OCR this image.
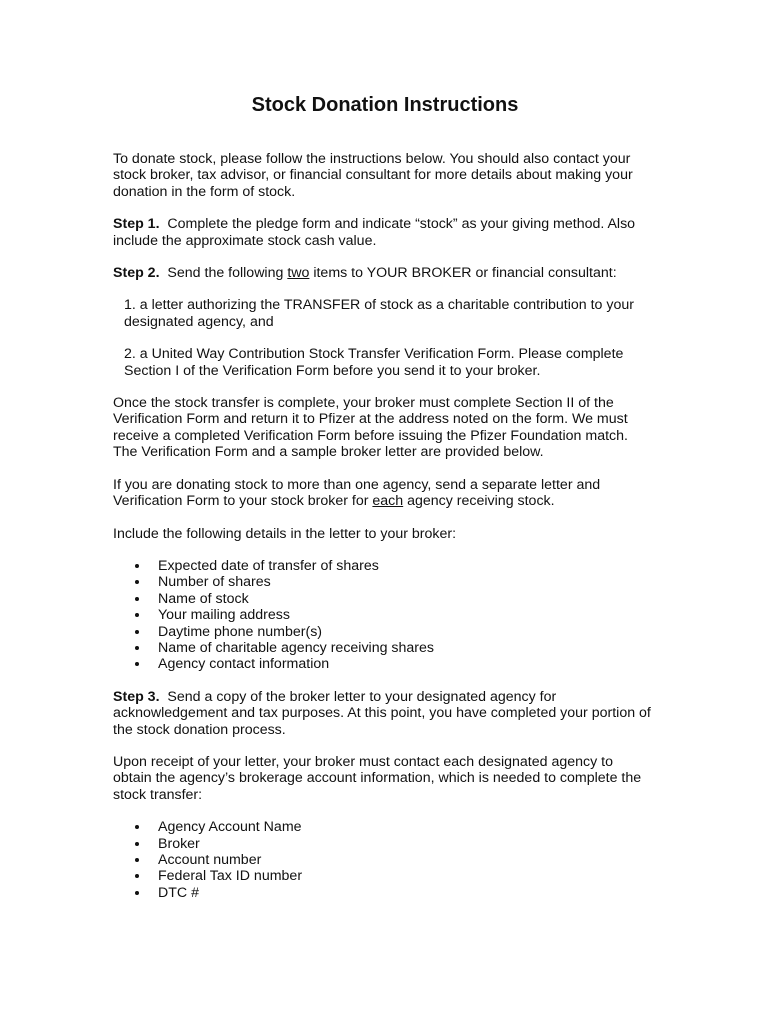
Stock Donation Instructions

To donate stock, please follow the instructions below. You should also contact your stock broker, tax advisor, or financial consultant for more details about making your donation in the form of stock.

Step 1. Complete the pledge form and indicate “stock” as your giving method. Also include the approximate stock cash value.

Step 2. Send the following two items to YOUR BROKER or financial consultant:

1. a letter authorizing the TRANSFER of stock as a charitable contribution to your designated agency, and

2. a United Way Contribution Stock Transfer Verification Form. Please complete Section I of the Verification Form before you send it to your broker.

Once the stock transfer is complete, your broker must complete Section II of the Verification Form and return it to Pfizer at the address noted on the form. We must receive a completed Verification Form before issuing the Pfizer Foundation match. The Verification Form and a sample broker letter are provided below.

If you are donating stock to more than one agency, send a separate letter and Verification Form to your stock broker for each agency receiving stock.

Include the following details in the letter to your broker:

Expected date of transfer of shares
Number of shares
Name of stock
Your mailing address
Daytime phone number(s)
Name of charitable agency receiving shares
Agency contact information

Step 3. Send a copy of the broker letter to your designated agency for acknowledgement and tax purposes. At this point, you have completed your portion of the stock donation process.

Upon receipt of your letter, your broker must contact each designated agency to obtain the agency’s brokerage account information, which is needed to complete the stock transfer:

Agency Account Name
Broker
Account number
Federal Tax ID number
DTC #
